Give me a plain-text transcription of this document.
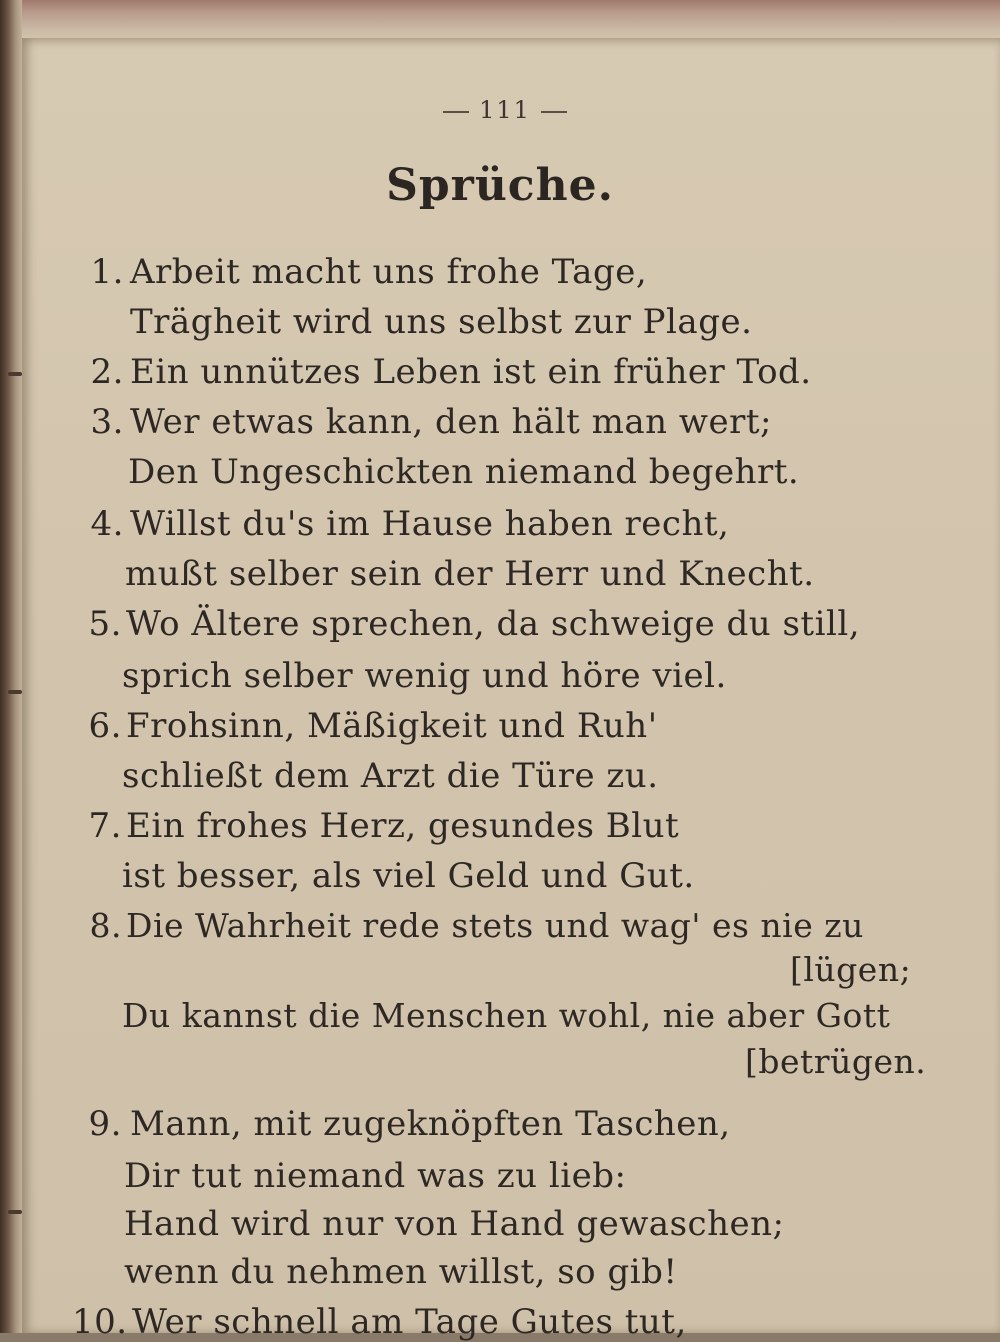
111
Sprüche.
1. Arbeit macht uns frohe Tage,
Trägheit wird uns selbst zur Plage.
2. Ein unnützes Leben ist ein früher Tod.
3. Wer etwas kann, den hält man wert;
Den Ungeschickten niemand begehrt.
4. Willst du's im Hause haben recht,
mußt selber sein der Herr und Knecht.
5. Wo Ältere sprechen, da schweige du still,
sprich selber wenig und höre viel.
6. Frohsinn, Mäßigkeit und Ruh'
schließt dem Arzt die Türe zu.
7. Ein frohes Herz, gesundes Blut
ist besser, als viel Geld und Gut.
8. Die Wahrheit rede stets und wag' es nie zu
[lügen;
Du kannst die Menschen wohl, nie aber Gott
[betrügen.
9. Mann, mit zugeknöpften Taschen,
Dir tut niemand was zu lieb:
Hand wird nur von Hand gewaschen;
wenn du nehmen willst, so gib!
10. Wer schnell am Tage Gutes tut,
